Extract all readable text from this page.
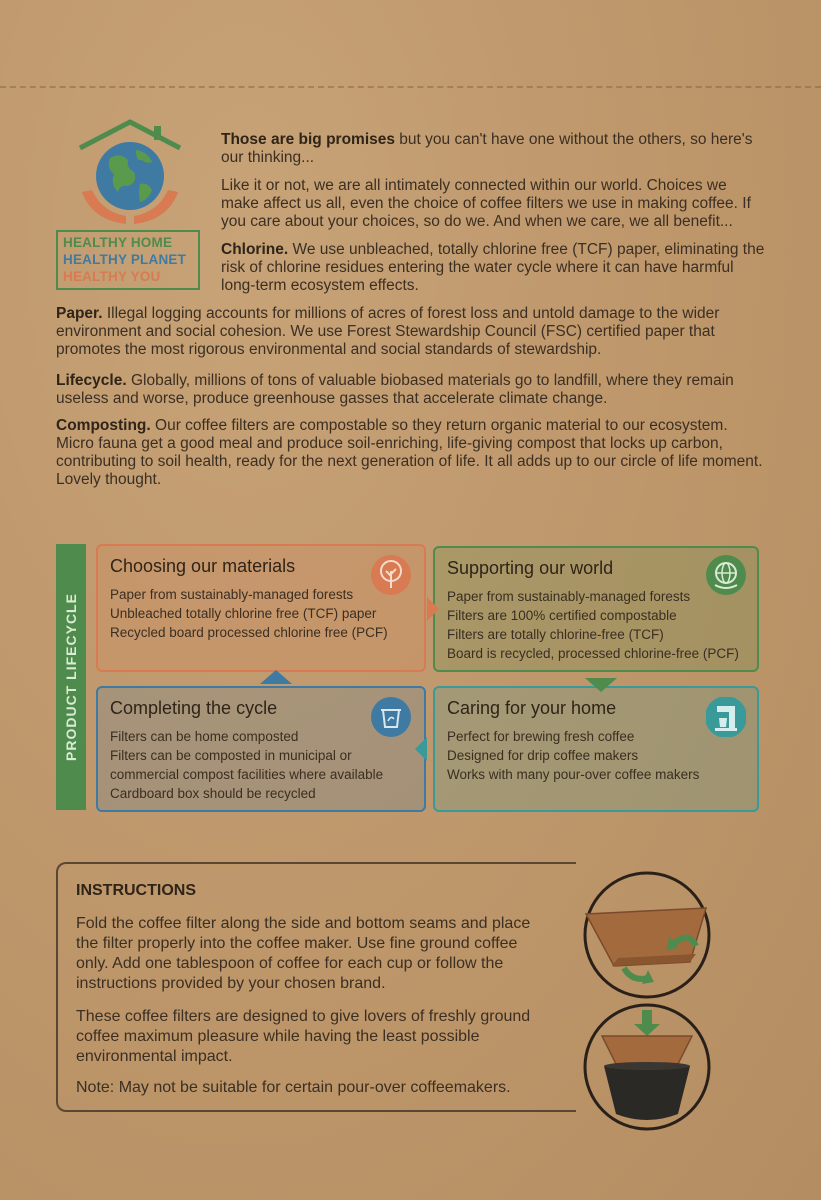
HEALTHY HOME
HEALTHY PLANET
HEALTHY YOU
Those are big promises but you can't have one without the others, so here's our thinking...
Like it or not, we are all intimately connected within our world. Choices we make affect us all, even the choice of coffee filters we use in making coffee. If you care about your choices, so do we. And when we care, we all benefit...
Chlorine. We use unbleached, totally chlorine free (TCF) paper, eliminating the risk of chlorine residues entering the water cycle where it can have harmful long-term ecosystem effects.
Paper. Illegal logging accounts for millions of acres of forest loss and untold damage to the wider environment and social cohesion. We use Forest Stewardship Council (FSC) certified paper that promotes the most rigorous environmental and social standards of stewardship.
Lifecycle. Globally, millions of tons of valuable biobased materials go to landfill, where they remain useless and worse, produce greenhouse gasses that accelerate climate change.
Composting. Our coffee filters are compostable so they return organic material to our ecosystem. Micro fauna get a good meal and produce soil-enriching, life-giving compost that locks up carbon, contributing to soil health, ready for the next generation of life. It all adds up to our circle of life moment. Lovely thought.
PRODUCT LIFECYCLE
Choosing our materials
Paper from sustainably-managed forests
Unbleached totally chlorine free (TCF) paper
Recycled board processed chlorine free (PCF)
Supporting our world
Paper from sustainably-managed forests
Filters are 100% certified compostable
Filters are totally chlorine-free (TCF)
Board is recycled, processed chlorine-free (PCF)
Completing the cycle
Filters can be home composted
Filters can be composted in municipal or
commercial compost facilities where available
Cardboard box should be recycled
Caring for your home
Perfect for brewing fresh coffee
Designed for drip coffee makers
Works with many pour-over coffee makers
INSTRUCTIONS
Fold the coffee filter along the side and bottom seams and place the filter properly into the coffee maker. Use fine ground coffee only. Add one tablespoon of coffee for each cup or follow the instructions provided by your chosen brand.
These coffee filters are designed to give lovers of freshly ground coffee maximum pleasure while having the least possible environmental impact.
Note: May not be suitable for certain pour-over coffeemakers.
